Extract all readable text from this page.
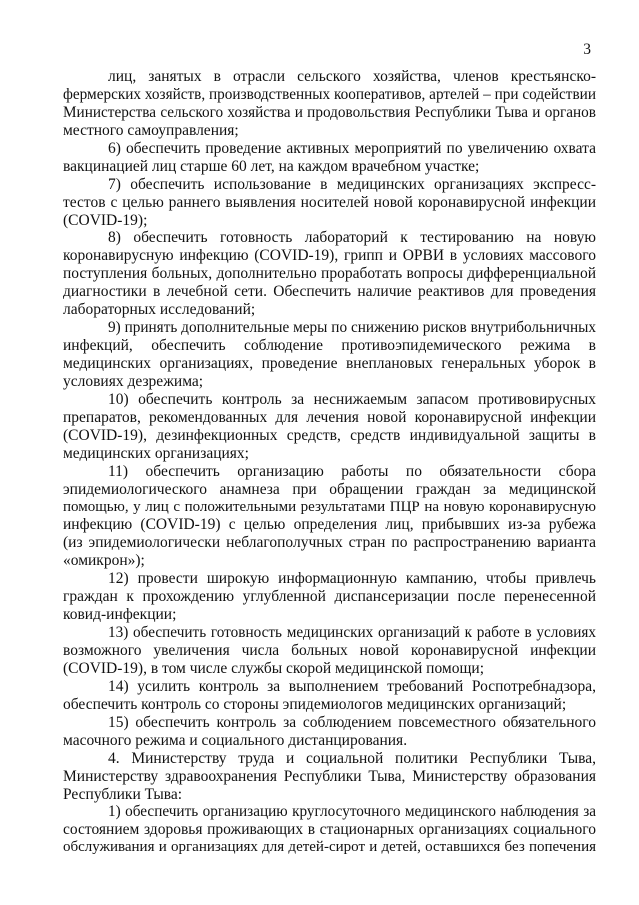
3
лиц, занятых в отрасли сельского хозяйства, членов крестьянско-
фермерских хозяйств, производственных кооперативов, артелей – при содействии
Министерства сельского хозяйства и продовольствия Республики Тыва и органов
местного самоуправления;
6) обеспечить проведение активных мероприятий по увеличению охвата
вакцинацией лиц старше 60 лет, на каждом врачебном участке;
7) обеспечить использование в медицинских организациях экспресс-
тестов с целью раннего выявления носителей новой коронавирусной инфекции
(COVID-19);
8) обеспечить готовность лабораторий к тестированию на новую
коронавирусную инфекцию (COVID-19), грипп и ОРВИ в условиях массового
поступления больных, дополнительно проработать вопросы дифференциальной
диагностики в лечебной сети. Обеспечить наличие реактивов для проведения
лабораторных исследований;
9) принять дополнительные меры по снижению рисков внутрибольничных
инфекций, обеспечить соблюдение противоэпидемического режима в
медицинских организациях, проведение внеплановых генеральных уборок в
условиях дезрежима;
10) обеспечить контроль за неснижаемым запасом противовирусных
препаратов, рекомендованных для лечения новой коронавирусной инфекции
(COVID-19), дезинфекционных средств, средств индивидуальной защиты в
медицинских организациях;
11) обеспечить организацию работы по обязательности сбора
эпидемиологического анамнеза при обращении граждан за медицинской
помощью, у лиц с положительными результатами ПЦР на новую коронавирусную
инфекцию (COVID-19) с целью определения лиц, прибывших из-за рубежа
(из эпидемиологически неблагополучных стран по распространению варианта
«омикрон»);
12) провести широкую информационную кампанию, чтобы привлечь
граждан к прохождению углубленной диспансеризации после перенесенной
ковид-инфекции;
13) обеспечить готовность медицинских организаций к работе в условиях
возможного увеличения числа больных новой коронавирусной инфекции
(COVID-19), в том числе службы скорой медицинской помощи;
14) усилить контроль за выполнением требований Роспотребнадзора,
обеспечить контроль со стороны эпидемиологов медицинских организаций;
15) обеспечить контроль за соблюдением повсеместного обязательного
масочного режима и социального дистанцирования.
4. Министерству труда и социальной политики Республики Тыва,
Министерству здравоохранения Республики Тыва, Министерству образования
Республики Тыва:
1) обеспечить организацию круглосуточного медицинского наблюдения за
состоянием здоровья проживающих в стационарных организациях социального
обслуживания и организациях для детей-сирот и детей, оставшихся без попечения
